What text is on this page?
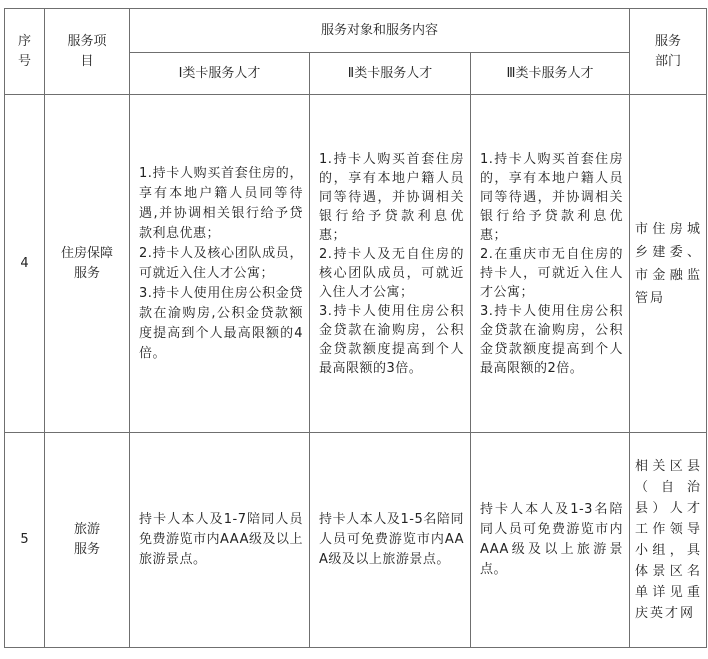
序号	服务项目	服务对象和服务内容			服务部门
		Ⅰ类卡服务人才	Ⅱ类卡服务人才	Ⅲ类卡服务人才	
4	住房保障服务	1.持卡人购买首套住房的，享有本地户籍人员同等待遇,并协调相关银行给予贷款利息优惠；
2.持卡人及核心团队成员，可就近入住人才公寓；
3.持卡人使用住房公积金贷款在渝购房,公积金贷款额度提高到个人最高限额的4倍。	1.持卡人购买首套住房的，享有本地户籍人员同等待遇，并协调相关银行给予贷款利息优惠；
2.持卡人及无自住房的核心团队成员，可就近入住人才公寓；
3.持卡人使用住房公积金贷款在渝购房，公积金贷款额度提高到个人最高限额的3倍。	1.持卡人购买首套住房的，享有本地户籍人员同等待遇，并协调相关银行给予贷款利息优惠；
2.在重庆市无自住房的持卡人，可就近入住人才公寓；
3.持卡人使用住房公积金贷款在渝购房，公积金贷款额度提高到个人最高限额的2倍。	市住房城乡建委、市金融监管局

5	旅游服务	持卡人本人及1-7陪同人员免费游览市内AAA级及以上旅游景点。	持卡人本人及1-5名陪同人员可免费游览市内AAA级及以上旅游景点。	持卡人本人及1-3名陪同人员可免费游览市内AAA级及以上旅游景点。	相关区县（自治县）人才工作领导小组，具体景区名单详见重庆英才网
